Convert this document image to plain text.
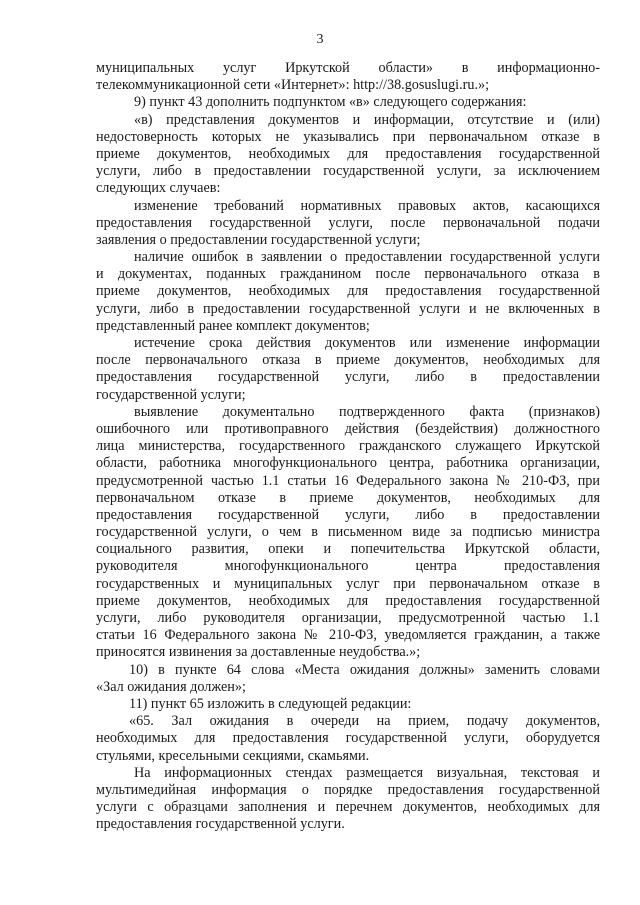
3
муниципальных услуг Иркутской области» в информационно-
телекоммуникационной сети «Интернет»: http://38.gosuslugi.ru.»;
9) пункт 43 дополнить подпунктом «в» следующего содержания:
«в) представления документов и информации, отсутствие и (или)
недостоверность которых не указывались при первоначальном отказе в
приеме документов, необходимых для предоставления государственной
услуги, либо в предоставлении государственной услуги, за исключением
следующих случаев:
изменение требований нормативных правовых актов, касающихся
предоставления государственной услуги, после первоначальной подачи
заявления о предоставлении государственной услуги;
наличие ошибок в заявлении о предоставлении государственной услуги
и документах, поданных гражданином после первоначального отказа в
приеме документов, необходимых для предоставления государственной
услуги, либо в предоставлении государственной услуги и не включенных в
представленный ранее комплект документов;
истечение срока действия документов или изменение информации
после первоначального отказа в приеме документов, необходимых для
предоставления государственной услуги, либо в предоставлении
государственной услуги;
выявление документально подтвержденного факта (признаков)
ошибочного или противоправного действия (бездействия) должностного
лица министерства, государственного гражданского служащего Иркутской
области, работника многофункционального центра, работника организации,
предусмотренной частью 1.1 статьи 16 Федерального закона № 210-ФЗ, при
первоначальном отказе в приеме документов, необходимых для
предоставления государственной услуги, либо в предоставлении
государственной услуги, о чем в письменном виде за подписью министра
социального развития, опеки и попечительства Иркутской области,
руководителя многофункционального центра предоставления
государственных и муниципальных услуг при первоначальном отказе в
приеме документов, необходимых для предоставления государственной
услуги, либо руководителя организации, предусмотренной частью 1.1
статьи 16 Федерального закона № 210-ФЗ, уведомляется гражданин, а также
приносятся извинения за доставленные неудобства.»;
10) в пункте 64 слова «Места ожидания должны» заменить словами
«Зал ожидания должен»;
11) пункт 65 изложить в следующей редакции:
«65. Зал ожидания в очереди на прием, подачу документов,
необходимых для предоставления государственной услуги, оборудуется
стульями, кресельными секциями, скамьями.
На информационных стендах размещается визуальная, текстовая и
мультимедийная информация о порядке предоставления государственной
услуги с образцами заполнения и перечнем документов, необходимых для
предоставления государственной услуги.
